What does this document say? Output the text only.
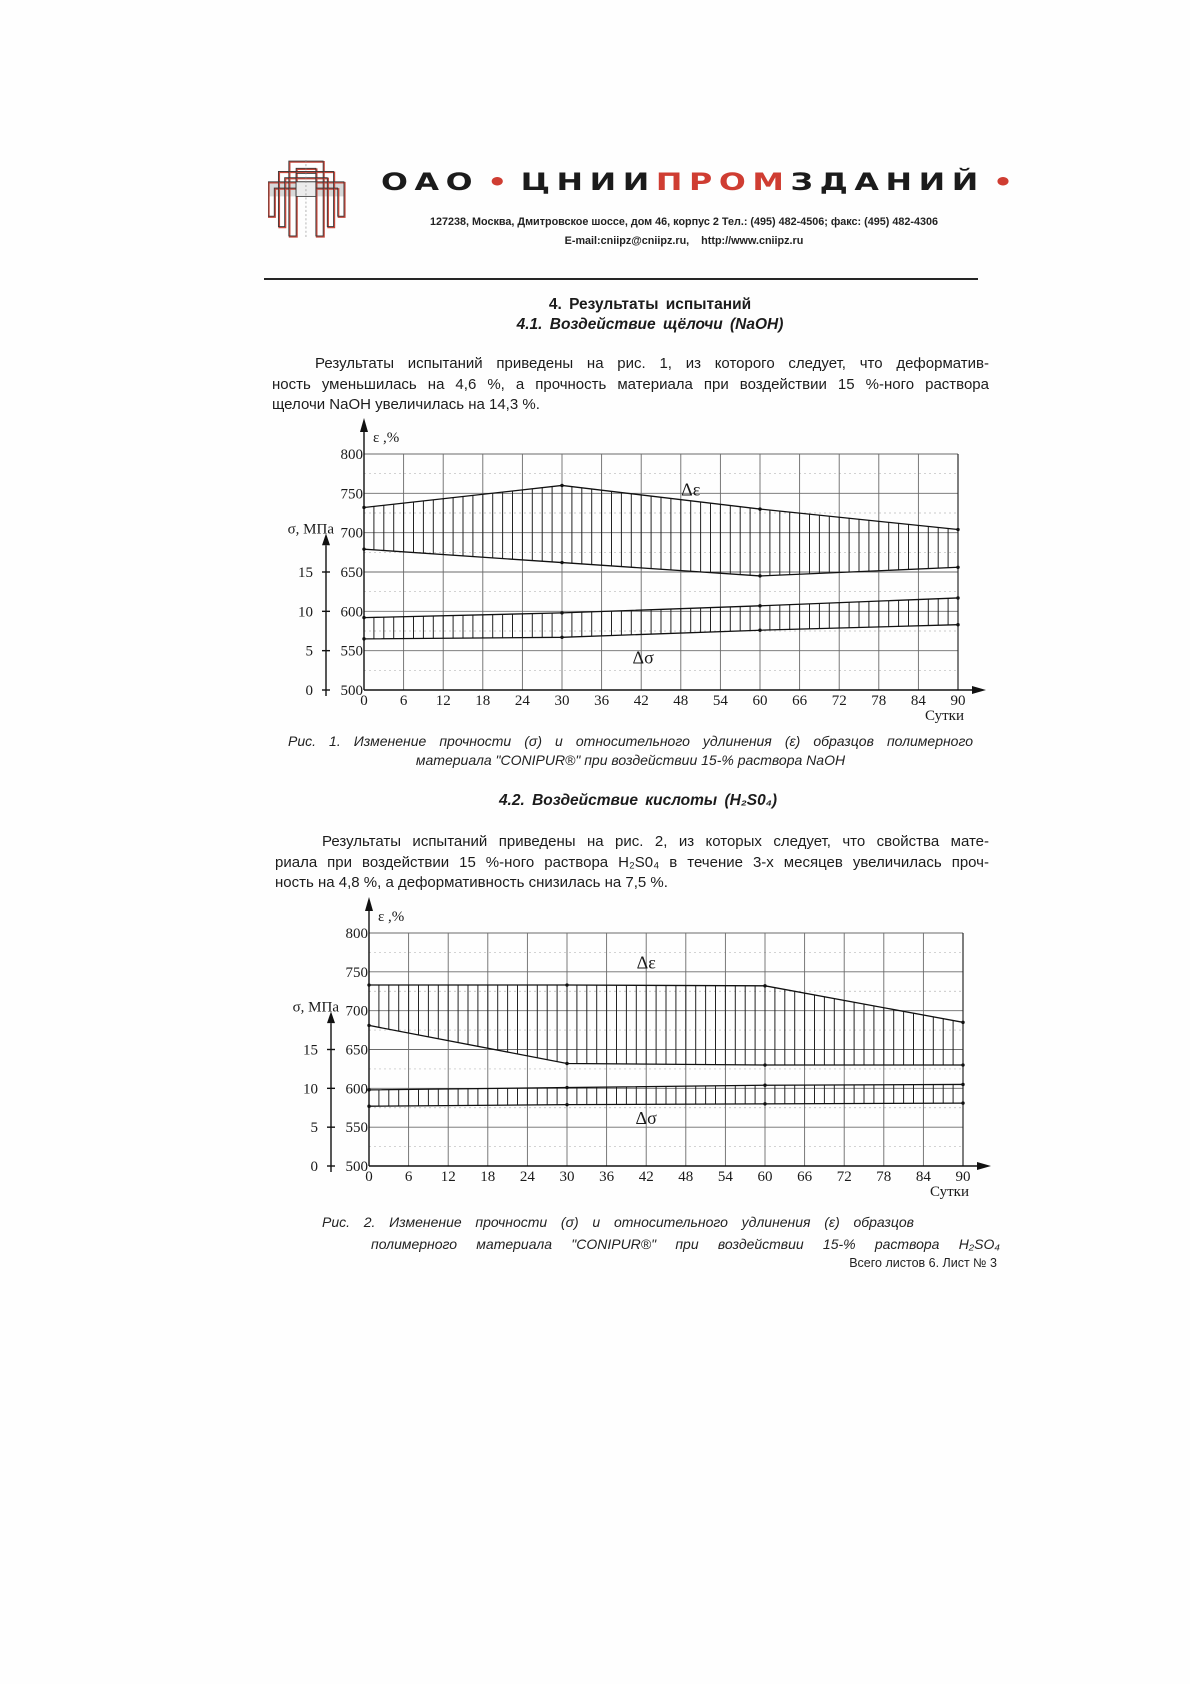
ОАО • ЦНИИПРОМЗДАНИЙ •
127238, Москва, Дмитровское шоссе, дом 46, корпус 2 Тел.: (495) 482-4506; факс: (495) 482-4306
E-mail:cniipz@cniipz.ru, http://www.cniipz.ru
4. Результаты испытаний
4.1. Воздействие щёлочи (NaOH)
Результаты испытаний приведены на рис. 1, из которого следует, что деформатив-
ность уменьшилась на 4,6 %, а прочность материала при воздействии 15 %-ного раствора
щелочи NaOH увеличилась на 14,3 %.
Δε
Δσ
ε ,%
800
750
700
650
600
550
500
0 6 12 18 24 30 36 42 48 54 60 66 72 78 84 90
Сутки
15
10
5
0
σ, МПа
Рис. 1. Изменение прочности (σ) и относительного удлинения (ε) образцов полимерного
материала "CONIPUR®" при воздействии 15-% раствора NaOH
4.2. Воздействие кислоты (H₂S0₄)
Результаты испытаний приведены на рис. 2, из которых следует, что свойства мате-
риала при воздействии 15 %-ного раствора H₂S0₄ в течение 3-х месяцев увеличилась проч-
ность на 4,8 %, а деформативность снизилась на 7,5 %.
Δε
Δσ
ε ,%
800
750
700
650
600
550
500
0 6 12 18 24 30 36 42 48 54 60 66 72 78 84 90
Сутки
15
10
5
0
σ, МПа
Рис. 2. Изменение прочности (σ) и относительного удлинения (ε) образцов
полимерного материала "CONIPUR®" при воздействии 15-% раствора H₂SO₄
Всего листов 6. Лист № 3
